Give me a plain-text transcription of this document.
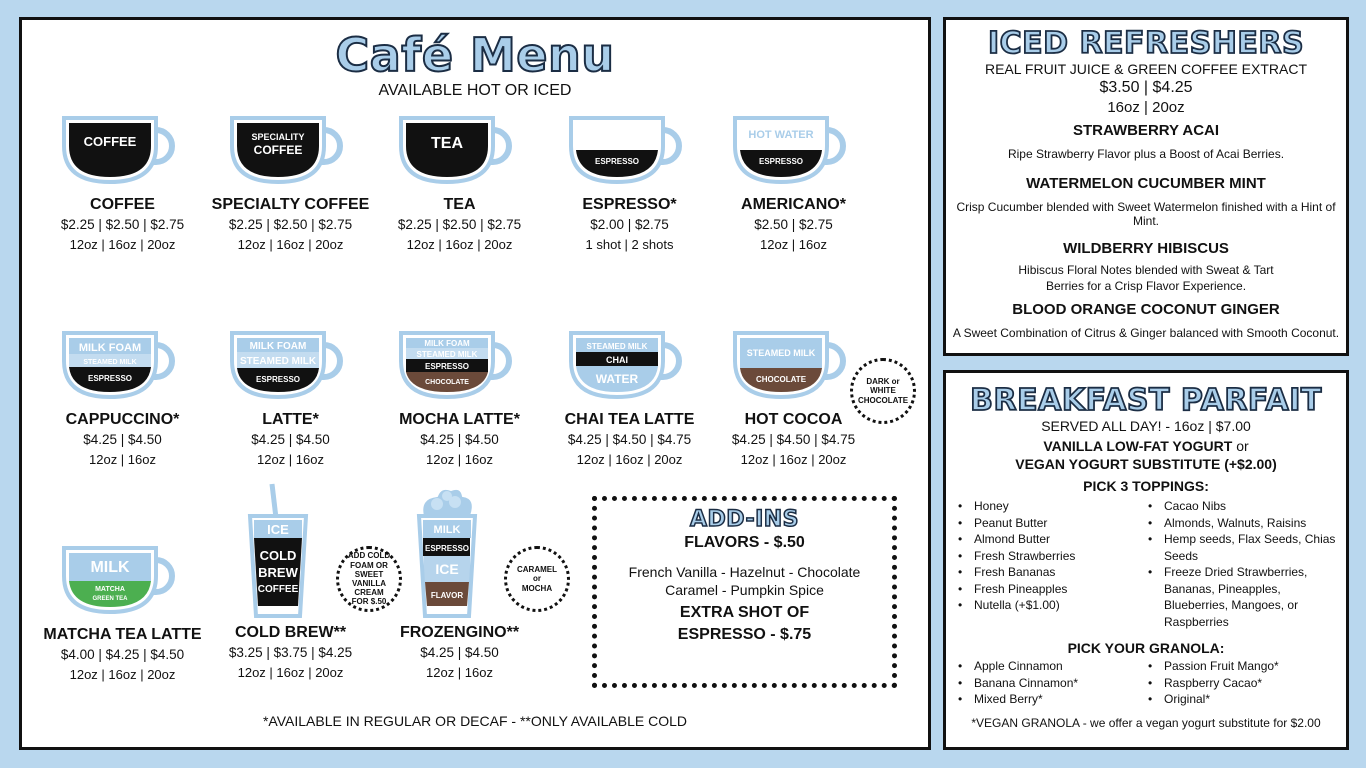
Café Menu
AVAILABLE HOT OR ICED
COFFEE
COFFEE
$2.25 | $2.50 | $2.75
12oz | 16oz | 20oz
SPECIALITY
COFFEE
SPECIALTY COFFEE
$2.25 | $2.50 | $2.75
12oz | 16oz | 20oz
TEA
TEA
$2.25 | $2.50 | $2.75
12oz | 16oz | 20oz
ESPRESSO
ESPRESSO*
$2.00 | $2.75
1 shot | 2 shots
HOT WATER
ESPRESSO
AMERICANO*
$2.50 | $2.75
12oz | 16oz
MILK FOAM
STEAMED MILK
ESPRESSO
CAPPUCCINO*
$4.25 | $4.50
12oz | 16oz
MILK FOAM
STEAMED MILK
ESPRESSO
LATTE*
$4.25 | $4.50
12oz | 16oz
MILK FOAM
STEAMED MILK
ESPRESSO
CHOCOLATE
MOCHA LATTE*
$4.25 | $4.50
12oz | 16oz
STEAMED MILK
CHAI
WATER
CHAI TEA LATTE
$4.25 | $4.50 | $4.75
12oz | 16oz | 20oz
STEAMED MILK
CHOCOLATE
HOT COCOA
$4.25 | $4.50 | $4.75
12oz | 16oz | 20oz
DARK or
WHITE
CHOCOLATE
MILK
MATCHA
GREEN TEA
MATCHA TEA LATTE
$4.00 | $4.25 | $4.50
12oz | 16oz | 20oz
ICE
COLD
BREW
COFFEE
COLD BREW**
$3.25 | $3.75 | $4.25
12oz | 16oz | 20oz
ADD COLD
FOAM OR SWEET
VANILLA CREAM
FOR $.50
MILK
ESPRESSO
ICE
FLAVOR
FROZENGINO**
$4.25 | $4.50
12oz | 16oz
CARAMEL
or
MOCHA
ADD-INS
FLAVORS - $.50
French Vanilla - Hazelnut - Chocolate
Caramel - Pumpkin Spice
EXTRA SHOT OF
ESPRESSO - $.75
*AVAILABLE IN REGULAR OR DECAF - **ONLY AVAILABLE COLD
ICED REFRESHERS
REAL FRUIT JUICE & GREEN COFFEE EXTRACT
$3.50 | $4.25
16oz | 20oz
STRAWBERRY ACAI
Ripe Strawberry Flavor plus a Boost of Acai Berries.
WATERMELON CUCUMBER MINT
Crisp Cucumber blended with Sweet Watermelon finished with a Hint of Mint.
WILDBERRY HIBISCUS
Hibiscus Floral Notes blended with Sweat & Tart
Berries for a Crisp Flavor Experience.
BLOOD ORANGE COCONUT GINGER
A Sweet Combination of Citrus & Ginger balanced with Smooth Coconut.
BREAKFAST PARFAIT
SERVED ALL DAY! - 16oz | $7.00
VANILLA LOW-FAT YOGURT or
VEGAN YOGURT SUBSTITUTE (+$2.00)
PICK 3 TOPPINGS:
• Honey
• Peanut Butter
• Almond Butter
• Fresh Strawberries
• Fresh Bananas
• Fresh Pineapples
• Nutella (+$1.00)
• Cacao Nibs
• Almonds, Walnuts, Raisins
• Hemp seeds, Flax Seeds, Chias Seeds
• Freeze Dried Strawberries, Bananas, Pineapples, Blueberries, Mangoes, or Raspberries
PICK YOUR GRANOLA:
• Apple Cinnamon
• Banana Cinnamon*
• Mixed Berry*
• Passion Fruit Mango*
• Raspberry Cacao*
• Original*
*VEGAN GRANOLA - we offer a vegan yogurt substitute for $2.00
